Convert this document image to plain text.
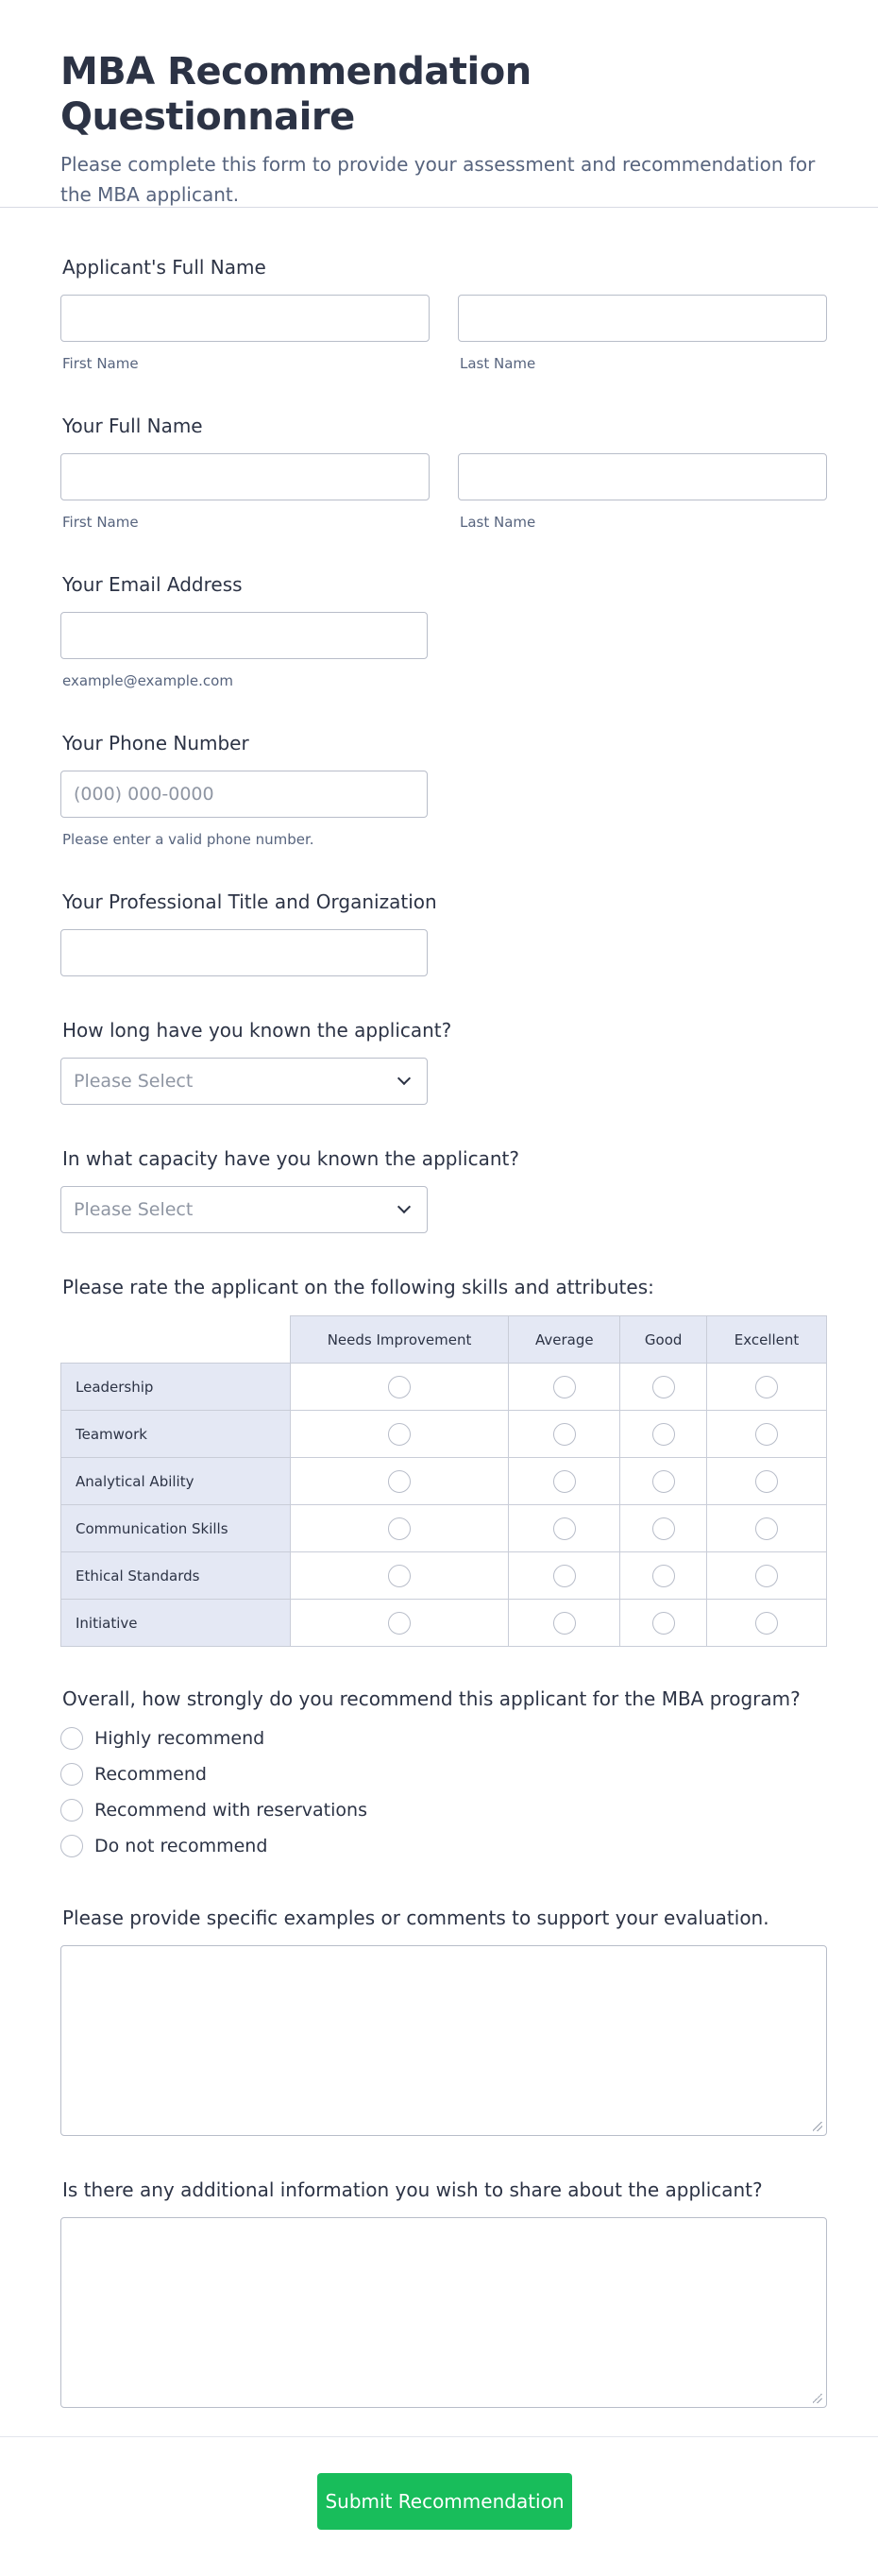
MBA Recommendation Questionnaire

Please complete this form to provide your assessment and recommendation for the MBA applicant.

Applicant's Full Name
First Name	Last Name
Your Full Name
First Name	Last Name
Your Email Address
example@example.com
Your Phone Number
(000) 000-0000
Please enter a valid phone number.
Your Professional Title and Organization
How long have you known the applicant?
Please Select
In what capacity have you known the applicant?
Please Select
Please rate the applicant on the following skills and attributes:
	Needs Improvement	Average	Good	Excellent
Leadership				
Teamwork				
Analytical Ability				
Communication Skills				
Ethical Standards				
Initiative				
Overall, how strongly do you recommend this applicant for the MBA program?
Highly recommend
Recommend
Recommend with reservations
Do not recommend
Please provide specific examples or comments to support your evaluation.
Is there any additional information you wish to share about the applicant?
Submit Recommendation
